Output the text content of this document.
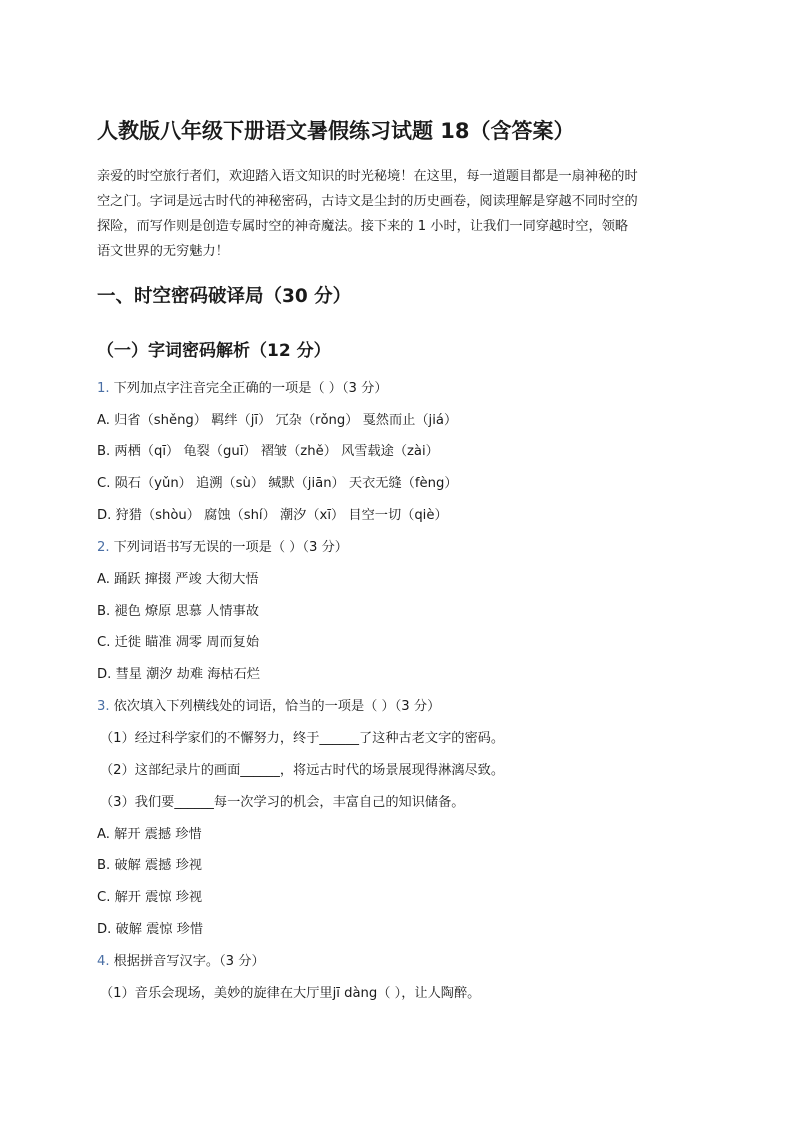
人教版八年级下册语文暑假练习试题 18（含答案）

亲爱的时空旅行者们，欢迎踏入语文知识的时光秘境！在这里，每一道题目都是一扇神秘的时

空之门。字词是远古时代的神秘密码，古诗文是尘封的历史画卷，阅读理解是穿越不同时空的

探险，而写作则是创造专属时空的神奇魔法。接下来的 1 小时，让我们一同穿越时空，领略

语文世界的无穷魅力！

一、时空密码破译局（30 分）
（一）字词密码解析（12 分）
1. 下列加点字注音完全正确的一项是（ ）（3 分）
A. 归省（shěng） 羁绊（jī） 冗杂（rǒng） 戛然而止（jiá）
B. 两栖（qī） 龟裂（guī） 褶皱（zhě） 风雪载途（zài）
C. 陨石（yǔn） 追溯（sù） 缄默（jiān） 天衣无缝（fèng）
D. 狩猎（shòu） 腐蚀（shí） 潮汐（xī） 目空一切（qiè）
2. 下列词语书写无误的一项是（ ）（3 分）
A. 踊跃 撺掇 严竣 大彻大悟
B. 褪色 燎原 思慕 人情事故
C. 迁徙 瞄准 凋零 周而复始
D. 彗星 潮汐 劫难 海枯石烂
3. 依次填入下列横线处的词语，恰当的一项是（ ）（3 分）
（1）经过科学家们的不懈努力，终于______了这种古老文字的密码。
（2）这部纪录片的画面______，将远古时代的场景展现得淋漓尽致。
（3）我们要______每一次学习的机会，丰富自己的知识储备。
A. 解开 震撼 珍惜
B. 破解 震撼 珍视
C. 解开 震惊 珍视
D. 破解 震惊 珍惜
4. 根据拼音写汉字。（3 分）
（1）音乐会现场，美妙的旋律在大厅里jī dàng（ ），让人陶醉。
